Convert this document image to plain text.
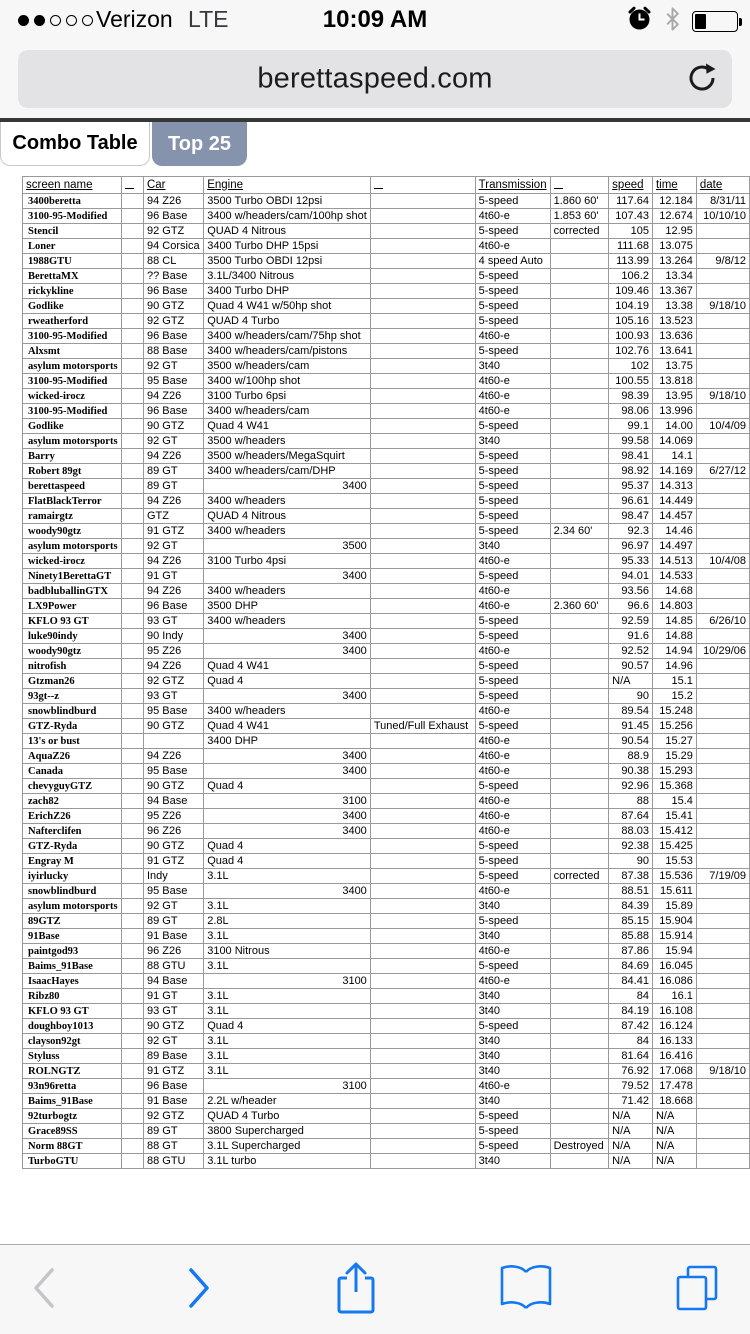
Verizon LTE	10:09 AM
berettaspeed.com
Combo Table	Top 25
screen name		Car	Engine		Transmission		speed	time	date
3400beretta		94 Z26	3500 Turbo OBDI 12psi		5-speed	1.860 60'	117.64	12.184	8/31/11
3100-95-Modified		96 Base	3400 w/headers/cam/100hp shot		4t60-e	1.853 60'	107.43	12.674	10/10/10
Stencil		92 GTZ	QUAD 4 Nitrous		5-speed	corrected	105	12.95	
Loner		94 Corsica	3400 Turbo DHP 15psi		4t60-e		111.68	13.075	
1988GTU		88 CL	3500 Turbo OBDI 12psi		4 speed Auto		113.99	13.264	9/8/12
BerettaMX		?? Base	3.1L/3400 Nitrous		5-speed		106.2	13.34	
rickykline		96 Base	3400 Turbo DHP		5-speed		109.46	13.367	
Godlike		90 GTZ	Quad 4 W41 w/50hp shot		5-speed		104.19	13.38	9/18/10
rweatherford		92 GTZ	QUAD 4 Turbo		5-speed		105.16	13.523	
3100-95-Modified		96 Base	3400 w/headers/cam/75hp shot		4t60-e		100.93	13.636	
Alxsmt		88 Base	3400 w/headers/cam/pistons		5-speed		102.76	13.641	
asylum motorsports		92 GT	3500 w/headers/cam		3t40		102	13.75	
3100-95-Modified		95 Base	3400 w/100hp shot		4t60-e		100.55	13.818	
wicked-irocz		94 Z26	3100 Turbo 6psi		4t60-e		98.39	13.95	9/18/10
3100-95-Modified		96 Base	3400 w/headers/cam		4t60-e		98.06	13.996	
Godlike		90 GTZ	Quad 4 W41		5-speed		99.1	14.00	10/4/09
asylum motorsports		92 GT	3500 w/headers		3t40		99.58	14.069	
Barry		94 Z26	3500 w/headers/MegaSquirt		5-speed		98.41	14.1	
Robert 89gt		89 GT	3400 w/headers/cam/DHP		5-speed		98.92	14.169	6/27/12
berettaspeed		89 GT	3400		5-speed		95.37	14.313	
FlatBlackTerror		94 Z26	3400 w/headers		5-speed		96.61	14.449	
ramairgtz		GTZ	QUAD 4 Nitrous		5-speed		98.47	14.457	
woody90gtz		91 GTZ	3400 w/headers		5-speed	2.34 60'	92.3	14.46	
asylum motorsports		92 GT	3500		3t40		96.97	14.497	
wicked-irocz		94 Z26	3100 Turbo 4psi		4t60-e		95.33	14.513	10/4/08
Ninety1BerettaGT		91 GT	3400		5-speed		94.01	14.533	
badbluballinGTX		94 Z26	3400 w/headers		4t60-e		93.56	14.68	
LX9Power		96 Base	3500 DHP		4t60-e	2.360 60'	96.6	14.803	
KFLO 93 GT		93 GT	3400 w/headers		5-speed		92.59	14.85	6/26/10
luke90indy		90 Indy	3400		5-speed		91.6	14.88	
woody90gtz		95 Z26	3400		4t60-e		92.52	14.94	10/29/06
nitrofish		94 Z26	Quad 4 W41		5-speed		90.57	14.96	
Gtzman26		92 GTZ	Quad 4		5-speed		N/A	15.1	
93gt--z		93 GT	3400		5-speed		90	15.2	
snowblindburd		95 Base	3400 w/headers		4t60-e		89.54	15.248	
GTZ-Ryda		90 GTZ	Quad 4 W41	Tuned/Full Exhaust	5-speed		91.45	15.256	
13's or bust			3400 DHP		4t60-e		90.54	15.27	
AquaZ26		94 Z26	3400		4t60-e		88.9	15.29	
Canada		95 Base	3400		4t60-e		90.38	15.293	
chevyguyGTZ		90 GTZ	Quad 4		5-speed		92.96	15.368	
zach82		94 Base	3100		4t60-e		88	15.4	
ErichZ26		95 Z26	3400		4t60-e		87.64	15.41	
Nafterclifen		96 Z26	3400		4t60-e		88.03	15.412	
GTZ-Ryda		90 GTZ	Quad 4		5-speed		92.38	15.425	
Engray M		91 GTZ	Quad 4		5-speed		90	15.53	
iyirlucky		Indy	3.1L		5-speed	corrected	87.38	15.536	7/19/09
snowblindburd		95 Base	3400		4t60-e		88.51	15.611	
asylum motorsports		92 GT	3.1L		3t40		84.39	15.89	
89GTZ		89 GT	2.8L		5-speed		85.15	15.904	
91Base		91 Base	3.1L		3t40		85.88	15.914	
paintgod93		96 Z26	3100 Nitrous		4t60-e		87.86	15.94	
Baims_91Base		88 GTU	3.1L		5-speed		84.69	16.045	
IsaacHayes		94 Base	3100		4t60-e		84.41	16.086	
Ribz80		91 GT	3.1L		3t40		84	16.1	
KFLO 93 GT		93 GT	3.1L		3t40		84.19	16.108	
doughboy1013		90 GTZ	Quad 4		5-speed		87.42	16.124	
clayson92gt		92 GT	3.1L		3t40		84	16.133	
Styluss		89 Base	3.1L		3t40		81.64	16.416	
ROLNGTZ		91 GTZ	3.1L		3t40		76.92	17.068	9/18/10
93n96retta		96 Base	3100		4t60-e		79.52	17.478	
Baims_91Base		91 Base	2.2L w/header		3t40		71.42	18.668	
92turbogtz		92 GTZ	QUAD 4 Turbo		5-speed		N/A	N/A	
Grace89SS		89 GT	3800 Supercharged		5-speed		N/A	N/A	
Norm 88GT		88 GT	3.1L Supercharged		5-speed	Destroyed	N/A	N/A	
TurboGTU		88 GTU	3.1L turbo		3t40		N/A	N/A	
